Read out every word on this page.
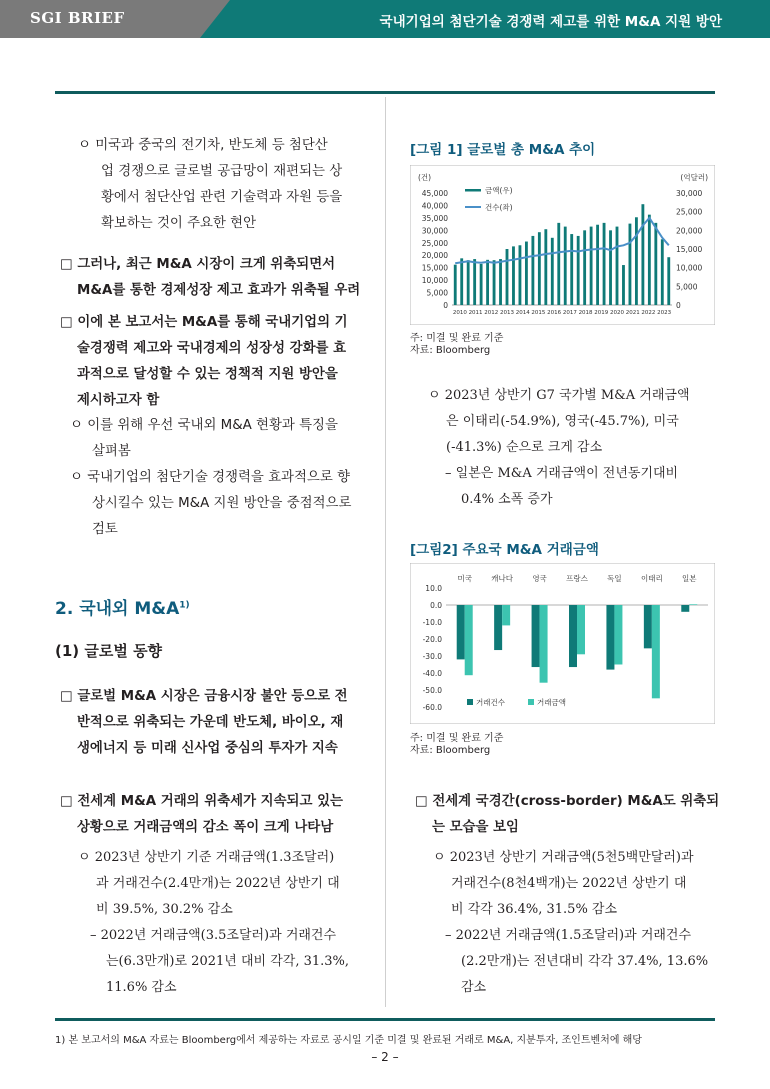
SGI BRIEF	국내기업의 첨단기술 경쟁력 제고를 위한 M&A 지원 방안
ㅇ 미국과 중국의 전기차, 반도체 등 첨단산
업 경쟁으로 글로벌 공급망이 재편되는 상
황에서 첨단산업 관련 기술력과 자원 등을
확보하는 것이 주요한 현안
□ 그러나, 최근 M&A 시장이 크게 위축되면서
M&A를 통한 경제성장 제고 효과가 위축될 우려
□ 이에 본 보고서는 M&A를 통해 국내기업의 기
술경쟁력 제고와 국내경제의 성장성 강화를 효
과적으로 달성할 수 있는 정책적 지원 방안을
제시하고자 함
ㅇ 이를 위해 우선 국내외 M&A 현황과 특징을
살펴봄
ㅇ 국내기업의 첨단기술 경쟁력을 효과적으로 향
상시킬수 있는 M&A 지원 방안을 중점적으로
검토
2. 국내외 $M\&A^{1)}$
(1) 글로벌 동향
□ 글로벌 M&A 시장은 금융시장 불안 등으로 전
반적으로 위축되는 가운데 반도체, 바이오, 재
생에너지 등 미래 신사업 중심의 투자가 지속
□ 전세계 M&A 거래의 위축세가 지속되고 있는
상황으로 거래금액의 감소 폭이 크게 나타남
ㅇ 2023년 상반기 기준 거래금액(1.3조달러)
과 거래건수(2.4만개)는 2022년 상반기 대
비 39.5%, 30.2% 감소
– 2022년 거래금액(3.5조달러)과 거래건수
는(6.3만개)로 2021년 대비 각각, 31.3%,
11.6% 감소
[그림 1] 글로벌 총 M&A 추이
(건)	(억달러)
45,000
40,000
35,000
30,000
25,000
20,000
15,000
10,000
5,000
0
30,000
25,000
20,000
15,000
10,000
5,000
0
2010 2011 2012 2013 2014 2015 2016 2017 2018 2019 2020 2021 2022 2023
금액(우)
건수(좌)
주: 미결 및 완료 기준
자료: Bloomberg
ㅇ 2023년 상반기 G7 국가별 M&A 거래금액
은 이태리(-54.9%), 영국(-45.7%), 미국
(-41.3%) 순으로 크게 감소
– 일본은 M&A 거래금액이 전년동기대비
0.4% 소폭 증가
[그림2] 주요국 M&A 거래금액
10.0
0.0
-10.0
-20.0
-30.0
-40.0
-50.0
-60.0
미국	캐나다	영국	프랑스	독일	이태리	일본
거래건수	거래금액
주: 미결 및 완료 기준
자료: Bloomberg
□ 전세계 국경간(cross-border) M&A도 위축되
는 모습을 보임
ㅇ 2023년 상반기 거래금액(5천5백만달러)과
거래건수(8천4백개)는 2022년 상반기 대
비 각각 36.4%, 31.5% 감소
– 2022년 거래금액(1.5조달러)과 거래건수
(2.2만개)는 전년대비 각각 37.4%, 13.6%
감소
1) 본 보고서의 M&A 자료는 Bloomberg에서 제공하는 자료로 공시일 기준 미결 및 완료된 거래로 M&A, 지분투자, 조인트벤처에 해당
– 2 –
